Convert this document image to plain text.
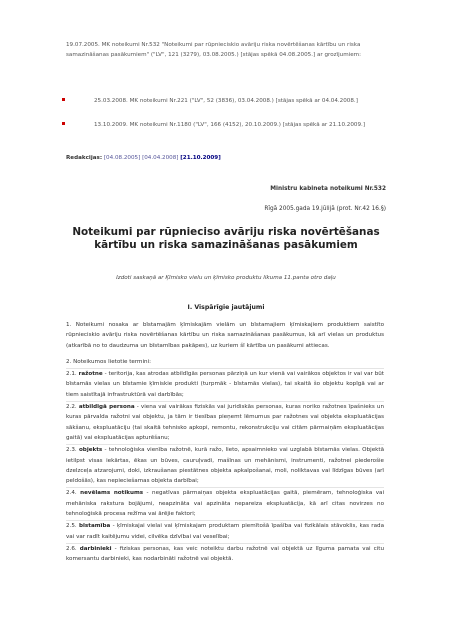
19.07.2005. MK noteikumi Nr.532 "Noteikumi par rūpnieciskio avāriju riska novērtēšanas kārtību un riska samazināšanas pasākumiem" ("LV", 121 (3279), 03.08.2005.) [stājas spēkā 04.08.2005.] ar grozījumiem:
25.03.2008. MK noteikumi Nr.221 ("LV", 52 (3836), 03.04.2008.) [stājas spēkā ar 04.04.2008.]
13.10.2009. MK noteikumi Nr.1180 ("LV", 166 (4152), 20.10.2009.) [stājas spēkā ar 21.10.2009.]
Redakcijas: [04.08.2005] [04.04.2008] [21.10.2009]
Ministru kabineta noteikumi Nr.532
Rīgā 2005.gada 19.jūlijā (prot. Nr.42 16.§)
Noteikumi par rūpnieciso avāriju riska novērtēšanas kārtību un riska samazināšanas pasākumiem
Izdoti saskaņā ar Ķīmisko vielu un ķīmisko produktu likuma 11.panta otro daļu
I. Vispārīgie jautājumi

1. Noteikumi nosaka ar bīstamajām ķīmiskajām vielām un bīstamajiem ķīmiskajiem produktiem saistīto rūpnieciskio avāriju riska novērtēšanas kārtību un riska samazināšanas pasākumus, kā arī vielas un produktus (atkarībā no to daudzuma un bīstamības pakāpes), uz kuriem šī kārtība un pasākumi attiecas.

2. Noteikumos lietotie termini:

2.1. ražotne - teritorija, kas atrodas atbildīgās personas pārziņā un kur vienā vai vairākos objektos ir vai var būt bīstamās vielas un bīstamie ķīmiskie produkti (turpmāk - bīstamās vielas), tai skaitā šo objektu kopīgā vai ar tiem saistītajā infrastruktūrā vai darbībās;

2.2. atbildīgā persona - viena vai vairākas fiziskās vai juridiskās personas, kuras noriko ražotnes īpašnieks un kuras pārvalda ražotni vai objektu, ja tām ir tiesības pieņemt lēmumus par ražotnes vai objekta ekspluatācijas sākšanu, ekspluatāciju (tai skaitā tehnisko apkopi, remontu, rekonstrukciju vai citām pārmaiņām ekspluatācijas gaitā) vai ekspluatācijas apturēšanu;

2.3. objekts - tehnoloģiska vienība ražotnē, kurā ražo, lieto, apsaimnieko vai uzglabā bīstamās vielas. Objektā ietilpst visas iekārtas, ēkas un būves, cauruļvadi, mašīnas un mehānismi, instrumenti, ražotnei piederošie dzelzceļa atzarojumi, doki, izkraušanas piestātnes objekta apkalpošanai, moli, noliktavas vai līdzīgas būves (arī peldošās), kas nepieciešamas objekta darbībai;

2.4. nevēlams notikums - negatīvas pārmaiņas objekta ekspluatācijas gaitā, piemēram, tehnoloģiska vai mehāniska rakstura bojājumi, neapzināta vai apzināta nepareiza ekspluatācija, kā arī citas novirzes no tehnoloģiskā procesa režīma vai ārējie faktori;

2.5. bīstamība - ķīmiskajai vielai vai ķīmiskajam produktam piemītošā īpašība vai fizikālais stāvoklis, kas rada vai var radīt kaitējumu videi, cilvēka dzīvībai vai veselībai;

2.6. darbinieki - fiziskas personas, kas veic noteiktu darbu ražotnē vai objektā uz līguma pamata vai citu komersantu darbinieki, kas nodarbināti ražotnē vai objektā.
